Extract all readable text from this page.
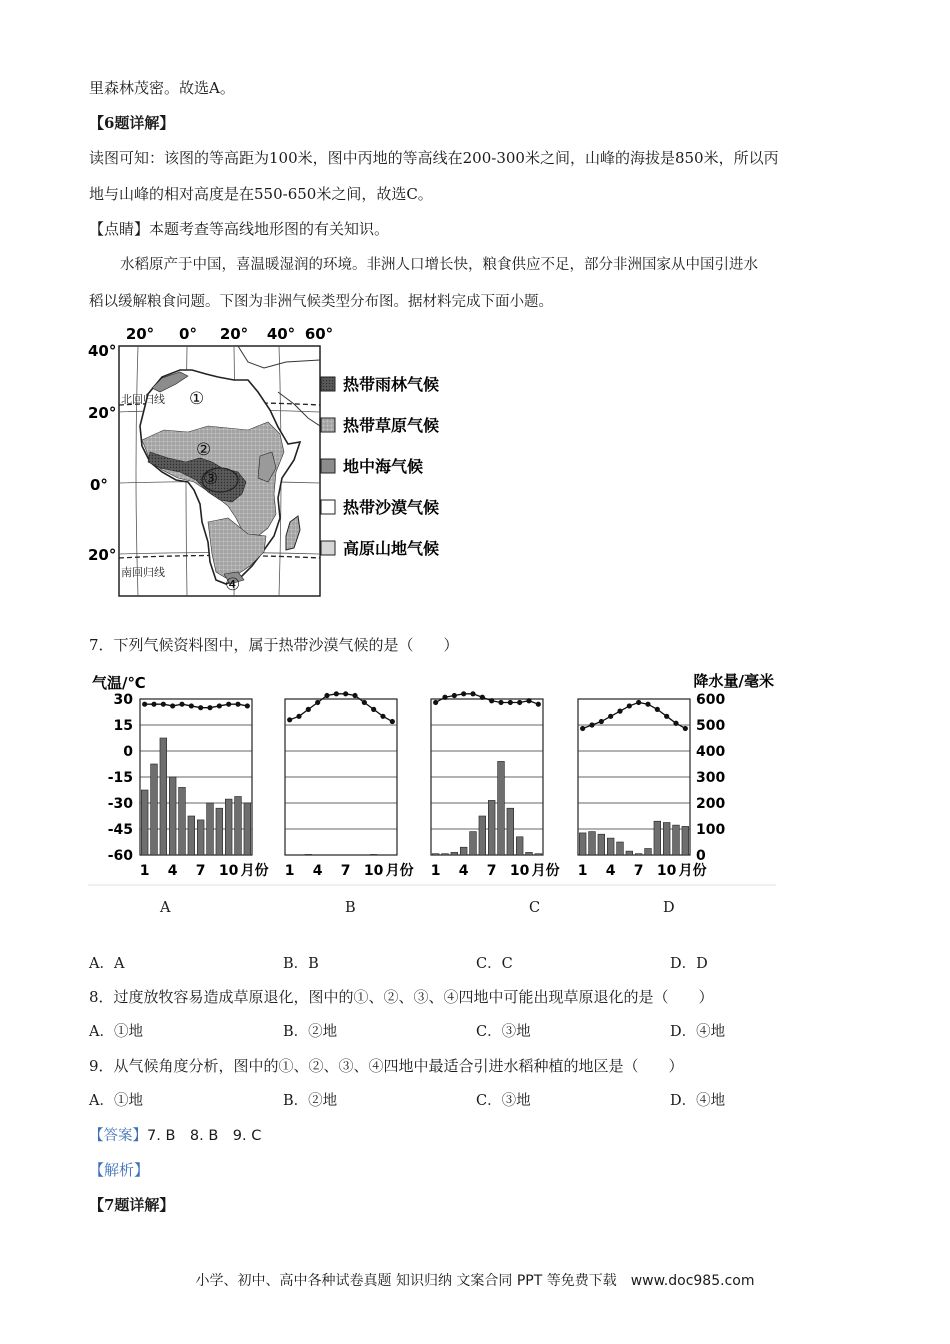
里森林茂密。故选A。
【6题详解】
读图可知：该图的等高距为100米，图中丙地的等高线在200-300米之间，山峰的海拔是850米，所以丙
地与山峰的相对高度是在550-650米之间，故选C。
【点睛】本题考查等高线地形图的有关知识。
水稻原产于中国，喜温暖湿润的环境。非洲人口增长快，粮食供应不足，部分非洲国家从中国引进水
稻以缓解粮食问题。下图为非洲气候类型分布图。据材料完成下面小题。
20° 0° 20° 40° 60°
40°
20°
0°
20°
北回归线
南回归线
①
②
③
④
热带雨林气候
热带草原气候
地中海气候
热带沙漠气候
高原山地气候
7．下列气候资料图中，属于热带沙漠气候的是（　　）
气温/℃	降水量/毫米
30
15
0
-15
-30
-45
-60
600
500
400
300
200
100
0
1 4 7 10 月份 1 4 7 10 月份 1 4 7 10 月份 1 4 7 10 月份
A	B	C	D
A．A	B．B	C．C	D．D
8．过度放牧容易造成草原退化，图中的①、②、③、④四地中可能出现草原退化的是（　　）
A．①地	B．②地	C．③地	D．④地
9．从气候角度分析，图中的①、②、③、④四地中最适合引进水稻种植的地区是（　　）
A．①地	B．②地	C．③地	D．④地
【答案】7. B　8. B　9. C
【解析】
【7题详解】
小学、初中、高中各种试卷真题 知识归纳 文案合同 PPT 等免费下载　www.doc985.com
